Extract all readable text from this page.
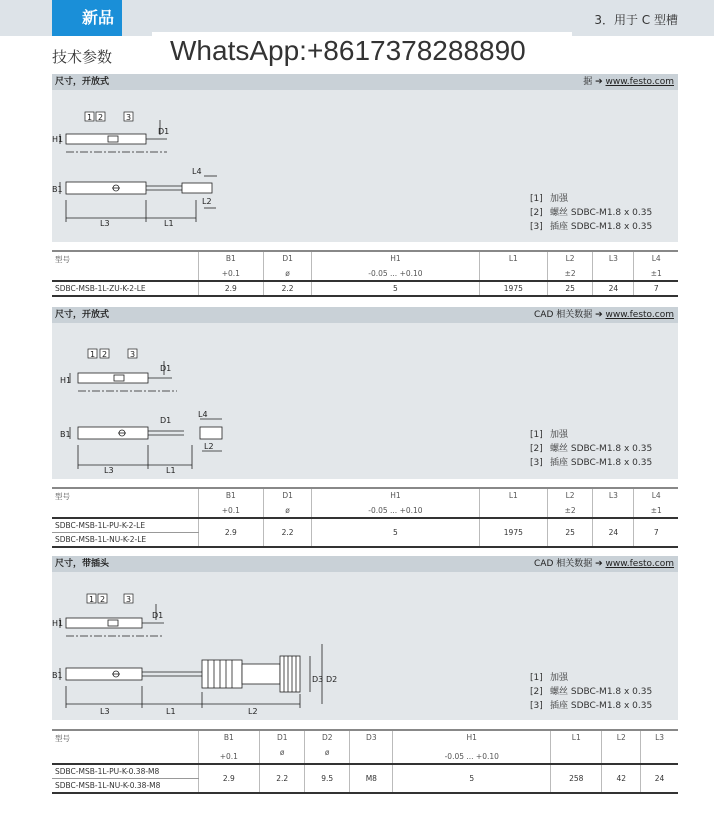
新品	3．用于 C 型槽
技术参数
尺寸，开放式	据 ➔ www.festo.com
1 2	3
H1
D1
B1
L3	L1
L2
L4
[1] 加强
[2] 螺丝 SDBC-M1.8 x 0.35
[3] 插座 SDBC-M1.8 x 0.35
WhatsApp:+8617378288890
型号	B1	D1	H1	L1	L2	L3	L4
	+0.1	ø	-0.05 ... +0.10		±2		±1
SDBC-MSB-1L-ZU-K-2-LE	2.9	2.2	5	1975	25	24	7
尺寸，开放式	CAD 相关数据 ➔ www.festo.com
1 2	3
H1
D1
B1
L3	L1
L2
L4
D1
[1] 加强
[2] 螺丝 SDBC-M1.8 x 0.35
[3] 插座 SDBC-M1.8 x 0.35
型号	B1	D1	H1	L1	L2	L3	L4
	+0.1	ø	-0.05 ... +0.10		±2		±1
SDBC-MSB-1L-PU-K-2-LE	2.9	2.2	5	1975	25	24	7
SDBC-MSB-1L-NU-K-2-LE							
尺寸，带插头	CAD 相关数据 ➔ www.festo.com
1 2	3
H1
D1
B1
L3	L1	L2
D3 D2	[1] 加强
[2] 螺丝 SDBC-M1.8 x 0.35
[3] 插座 SDBC-M1.8 x 0.35
型号	B1	D1	D2	D3	H1	L1	L2	L3
	+0.1	ø	ø		-0.05 ... +0.10			
SDBC-MSB-1L-PU-K-0.38-M8	2.9	2.2	9.5	M8	5	258	42	24
SDBC-MSB-1L-NU-K-0.38-M8								
